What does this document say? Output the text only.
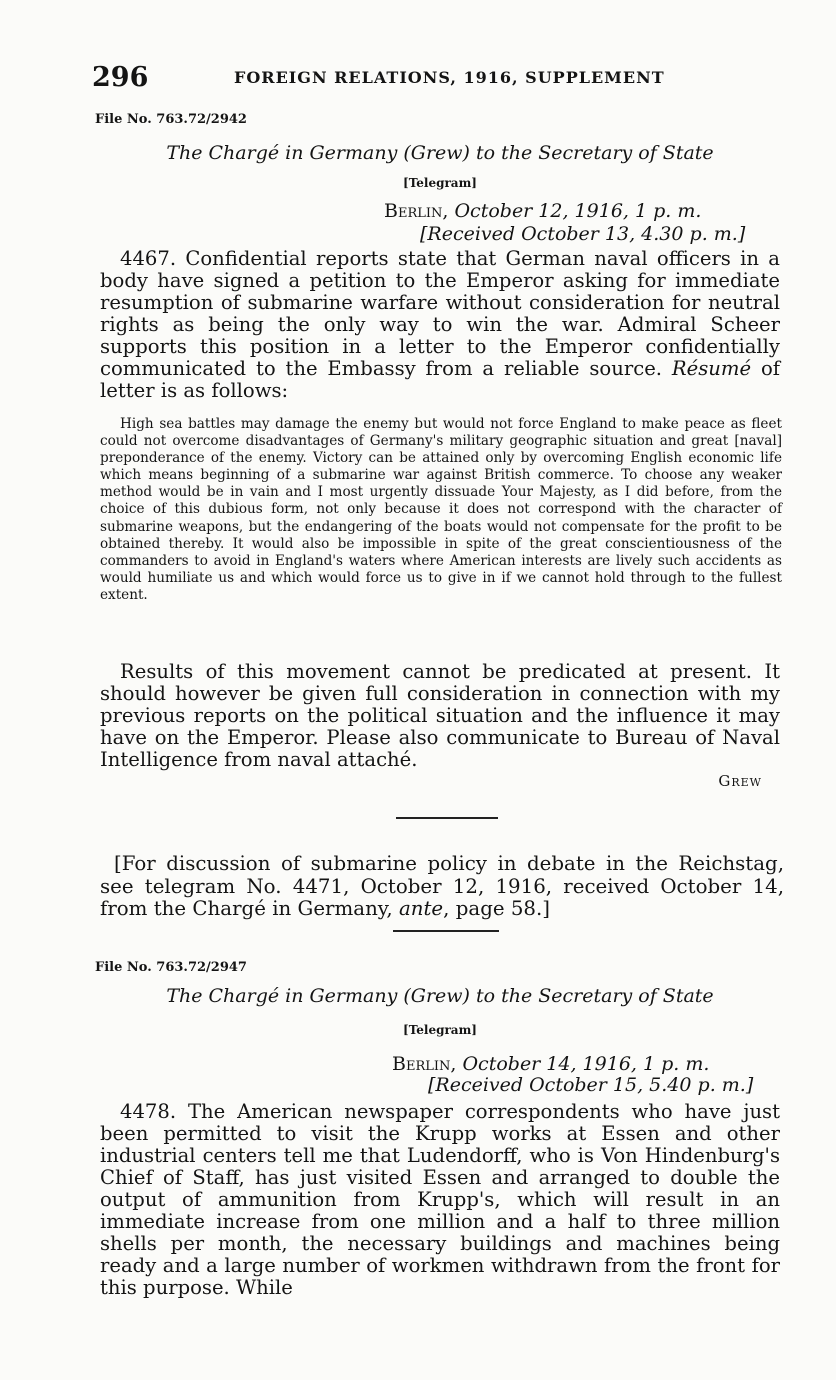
296	FOREIGN RELATIONS, 1916, SUPPLEMENT
File No. 763.72/2942
The Chargé in Germany (Grew) to the Secretary of State
[Telegram]
Berlin, October 12, 1916, 1 p. m.
[Received October 13, 4.30 p. m.]

4467. Confidential reports state that German naval officers in a body have signed a petition to the Emperor asking for immediate resumption of submarine warfare without consideration for neutral rights as being the only way to win the war. Admiral Scheer supports this position in a letter to the Emperor confidentially communicated to the Embassy from a reliable source. Résumé of letter is as follows:

High sea battles may damage the enemy but would not force England to make peace as fleet could not overcome disadvantages of Germany's military geographic situation and great [naval] preponderance of the enemy. Victory can be attained only by overcoming English economic life which means beginning of a submarine war against British commerce. To choose any weaker method would be in vain and I most urgently dissuade Your Majesty, as I did before, from the choice of this dubious form, not only because it does not correspond with the character of submarine weapons, but the endangering of the boats would not compensate for the profit to be obtained thereby. It would also be impossible in spite of the great conscientiousness of the commanders to avoid in England's waters where American interests are lively such accidents as would humiliate us and which would force us to give in if we cannot hold through to the fullest extent.

Results of this movement cannot be predicated at present. It should however be given full consideration in connection with my previous reports on the political situation and the influence it may have on the Emperor. Please also communicate to Bureau of Naval Intelligence from naval attaché.

Grew

[For discussion of submarine policy in debate in the Reichstag, see telegram No. 4471, October 12, 1916, received October 14, from the Chargé in Germany, ante, page 58.]

File No. 763.72/2947
The Chargé in Germany (Grew) to the Secretary of State
[Telegram]
Berlin, October 14, 1916, 1 p. m.
[Received October 15, 5.40 p. m.]

4478. The American newspaper correspondents who have just been permitted to visit the Krupp works at Essen and other industrial centers tell me that Ludendorff, who is Von Hindenburg's Chief of Staff, has just visited Essen and arranged to double the output of ammunition from Krupp's, which will result in an immediate increase from one million and a half to three million shells per month, the necessary buildings and machines being ready and a large number of workmen withdrawn from the front for this purpose. While
